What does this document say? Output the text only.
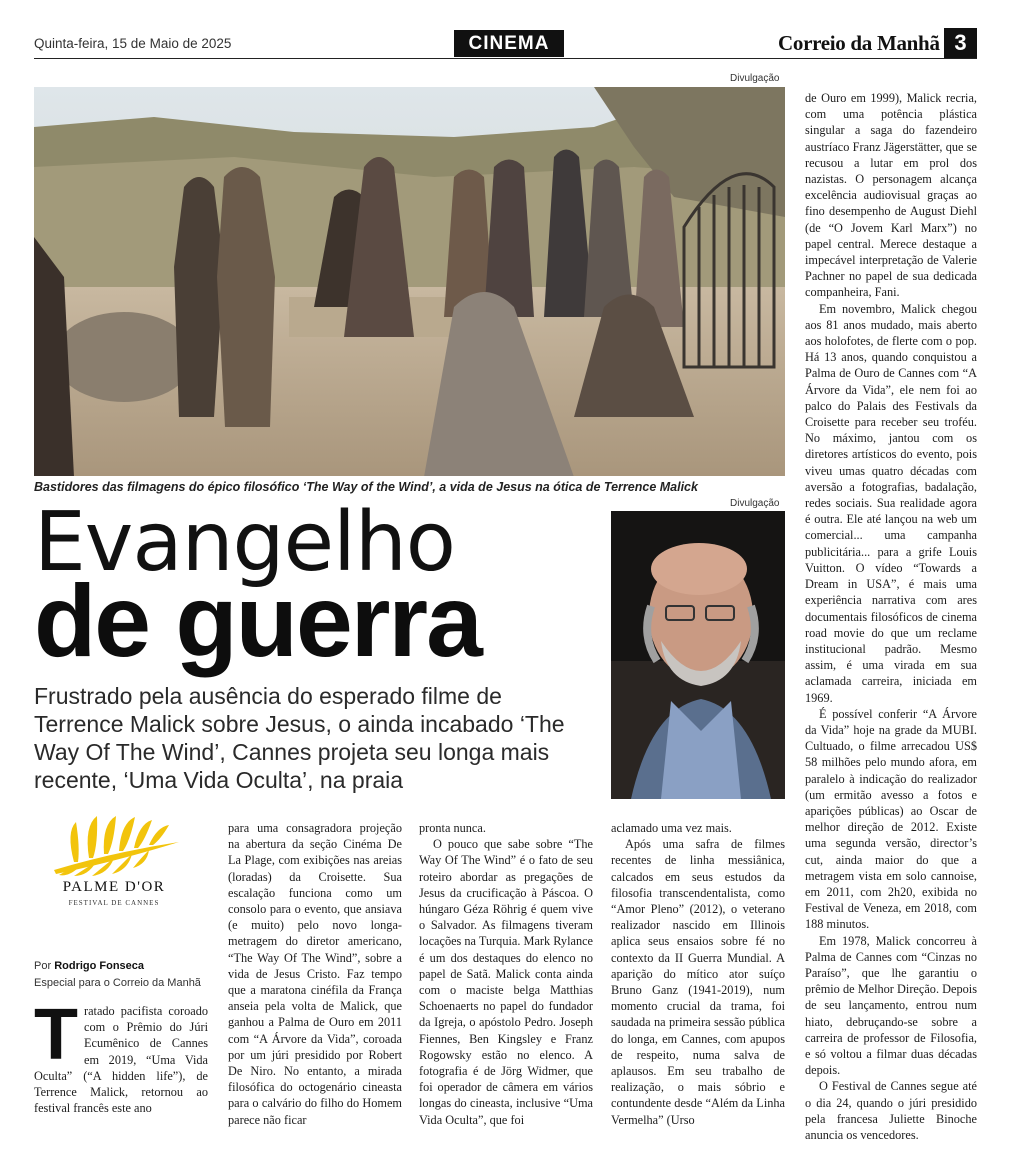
Quinta-feira, 15 de Maio de 2025	CINEMA	Correio da Manhã 3
Divulgação
Bastidores das filmagens do épico filosófico ‘The Way of the Wind’, a vida de Jesus na ótica de Terrence Malick
Divulgação
Evangelho
de guerra
Frustrado pela ausência do esperado filme de Terrence Malick sobre Jesus, o ainda incabado ‘The Way Of The Wind’, Cannes projeta seu longa mais recente, ‘Uma Vida Oculta’, na praia
PALME D'OR
FESTIVAL DE CANNES
Por Rodrigo Fonseca
Especial para o Correio da Manhã

Tratado pacifista coroado com o Prêmio do Júri Ecumênico de Cannes em 2019, “Uma Vida Oculta” (“A hidden life”), de Terrence Malick, retornou ao festival francês este ano

para uma consagradora projeção na abertura da seção Cinéma De La Plage, com exibições nas areias (loradas) da Croisette. Sua escalação funciona como um consolo para o evento, que ansiava (e muito) pelo novo longa-metragem do diretor americano, “The Way Of The Wind”, sobre a vida de Jesus Cristo. Faz tempo que a maratona cinéfila da França anseia pela volta de Malick, que ganhou a Palma de Ouro em 2011 com “A Árvore da Vida”, coroada por um júri presidido por Robert De Niro. No entanto, a mirada filosófica do octogenário cineasta para o calvário do filho do Homem parece não ficar

pronta nunca.

O pouco que sabe sobre “The Way Of The Wind” é o fato de seu roteiro abordar as pregações de Jesus da crucificação à Páscoa. O húngaro Géza Röhrig é quem vive o Salvador. As filmagens tiveram locações na Turquia. Mark Rylance é um dos destaques do elenco no papel de Satã. Malick conta ainda com o maciste belga Matthias Schoenaerts no papel do fundador da Igreja, o apóstolo Pedro. Joseph Fiennes, Ben Kingsley e Franz Rogowsky estão no elenco. A fotografia é de Jörg Widmer, que foi operador de câmera em vários longas do cineasta, inclusive “Uma Vida Oculta”, que foi

aclamado uma vez mais.

Após uma safra de filmes recentes de linha messiânica, calcados em seus estudos da filosofia transcendentalista, como “Amor Pleno” (2012), o veterano realizador nascido em Illinois aplica seus ensaios sobre fé no contexto da II Guerra Mundial. A aparição do mítico ator suíço Bruno Ganz (1941-2019), num momento crucial da trama, foi saudada na primeira sessão pública do longa, em Cannes, com apupos de respeito, numa salva de aplausos. Em seu trabalho de realização, o mais sóbrio e contundente desde “Além da Linha Vermelha” (Urso

de Ouro em 1999), Malick recria, com uma potência plástica singular a saga do fazendeiro austríaco Franz Jägerstätter, que se recusou a lutar em prol dos nazistas. O personagem alcança excelência audiovisual graças ao fino desempenho de August Diehl (de “O Jovem Karl Marx”) no papel central. Merece destaque a impecável interpretação de Valerie Pachner no papel de sua dedicada companheira, Fani.

Em novembro, Malick chegou aos 81 anos mudado, mais aberto aos holofotes, de flerte com o pop. Há 13 anos, quando conquistou a Palma de Ouro de Cannes com “A Árvore da Vida”, ele nem foi ao palco do Palais des Festivals da Croisette para receber seu troféu. No máximo, jantou com os diretores artísticos do evento, pois viveu umas quatro décadas com aversão a fotografias, badalação, redes sociais. Sua realidade agora é outra. Ele até lançou na web um comercial... uma campanha publicitária... para a grife Louis Vuitton. O vídeo “Towards a Dream in USA”, é mais uma experiência narrativa com ares documentais filosóficos de cinema road movie do que um reclame institucional padrão. Mesmo assim, é uma virada em sua aclamada carreira, iniciada em 1969.

É possível conferir “A Árvore da Vida” hoje na grade da MUBI. Cultuado, o filme arrecadou US$ 58 milhões pelo mundo afora, em paralelo à indicação do realizador (um ermitão avesso a fotos e aparições públicas) ao Oscar de melhor direção de 2012. Existe uma segunda versão, director’s cut, ainda maior do que a metragem vista em solo cannoise, em 2011, com 2h20, exibida no Festival de Veneza, em 2018, com 188 minutos.

Em 1978, Malick concorreu à Palma de Cannes com “Cinzas no Paraíso”, que lhe garantiu o prêmio de Melhor Direção. Depois de seu lançamento, entrou num hiato, debruçando-se sobre a carreira de professor de Filosofia, e só voltou a filmar duas décadas depois.

O Festival de Cannes segue até o dia 24, quando o júri presidido pela francesa Juliette Binoche anuncia os vencedores.
